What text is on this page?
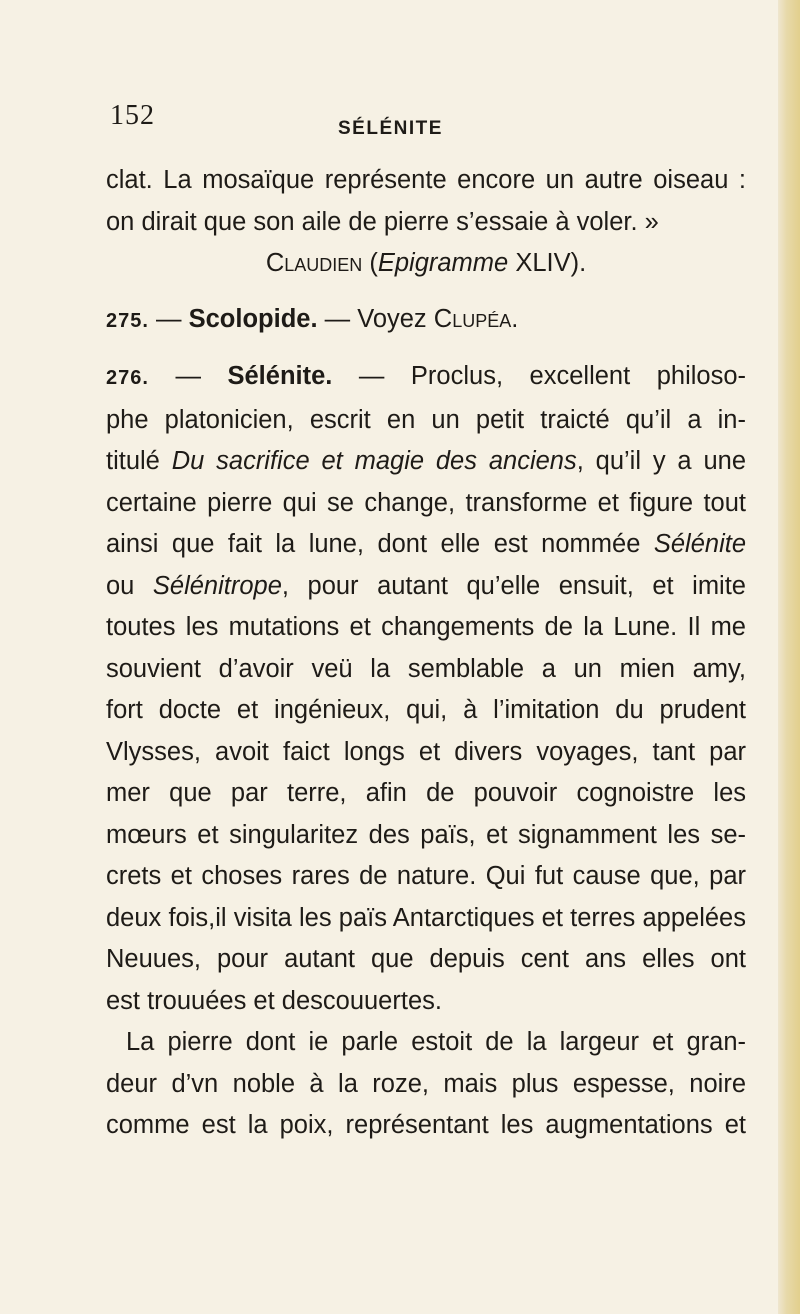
152	SÉLÉNITE
clat. La mosaïque représente encore un autre oiseau :
on dirait que son aile de pierre s’essaie à voler. »
Claudien (Epigramme XLIV).
275. — Scolopide. — Voyez Clupéa.
276. — Sélénite. — Proclus, excellent philoso-
phe platonicien, escrit en un petit traicté qu’il a in-
titulé Du sacrifice et magie des anciens, qu’il y a une
certaine pierre qui se change, transforme et figure tout
ainsi que fait la lune, dont elle est nommée Sélénite
ou Sélénitrope, pour autant qu’elle ensuit, et imite
toutes les mutations et changements de la Lune. Il me
souvient d’avoir veü la semblable a un mien amy,
fort docte et ingénieux, qui, à l’imitation du prudent
Vlysses, avoit faict longs et divers voyages, tant par
mer que par terre, afin de pouvoir cognoistre les
mœurs et singularitez des païs, et signamment les se-
crets et choses rares de nature. Qui fut cause que, par
deux fois,il visita les païs Antarctiques et terres appelées
Neuues, pour autant que depuis cent ans elles ont
est trouuées et descouuertes.
La pierre dont ie parle estoit de la largeur et gran-
deur d’vn noble à la roze, mais plus espesse, noire
comme est la poix, représentant les augmentations et
